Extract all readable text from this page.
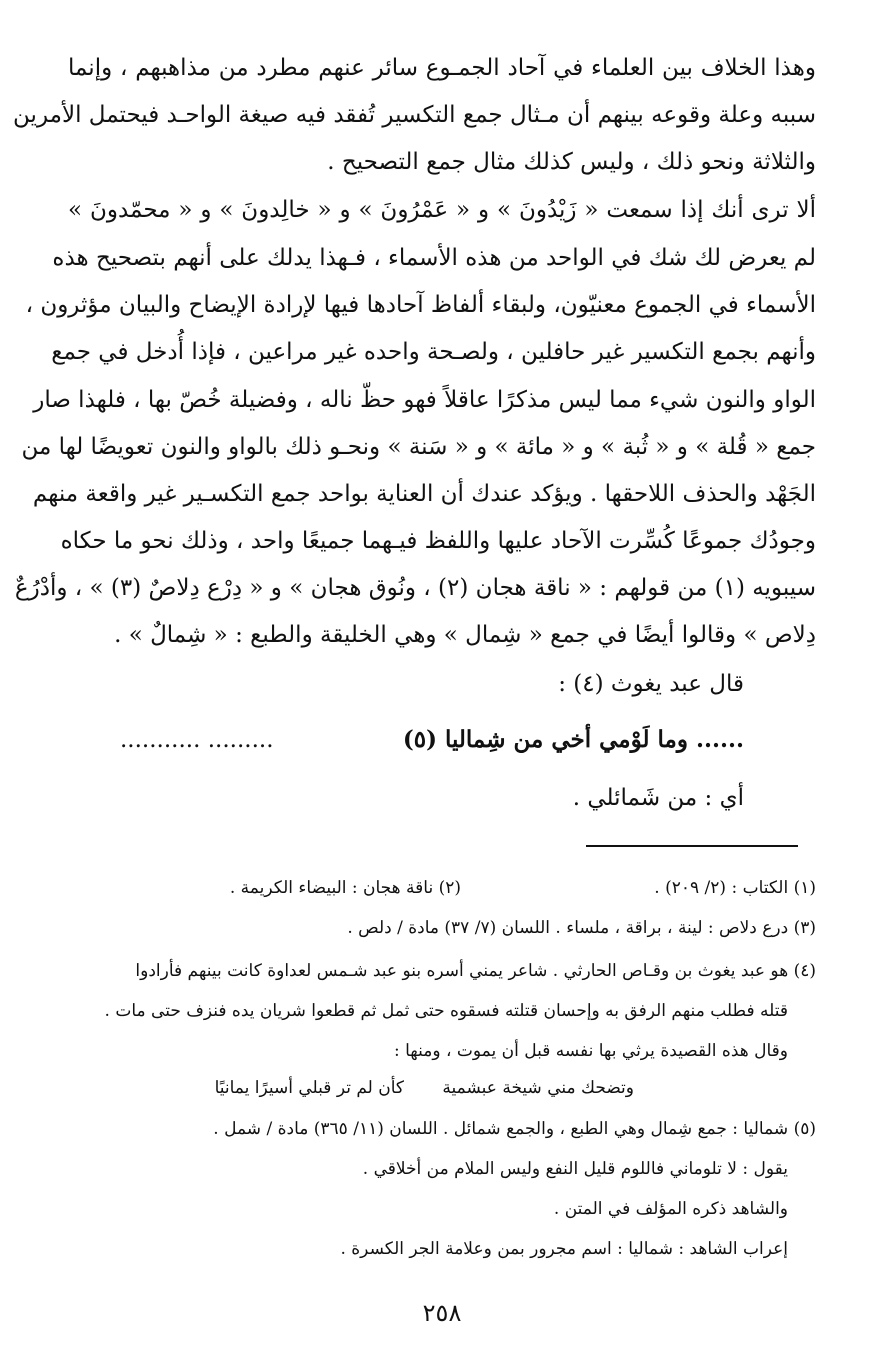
وهذا الخلاف بين العلماء في آحاد الجمـوع سائر عنهم مطرد من مذاهبهم ، وإنما
سببه وعلة وقوعه بينهم أن مـثال جمع التكسير تُفقد فيه صيغة الواحـد فيحتمل الأمرين
والثلاثة ونحو ذلك ، وليس كذلك مثال جمع التصحيح .
ألا ترى أنك إذا سمعت « زَيْدُونَ » و « عَمْرُونَ » و « خالِدونَ » و « محمّدونَ »
لم يعرض لك شك في الواحد من هذه الأسماء ، فـهذا يدلك على أنهم بتصحيح هذه
الأسماء في الجموع معنيّون، ولبقاء ألفاظ آحادها فيها لإرادة الإيضاح والبيان مؤثرون ،
وأنهم بجمع التكسير غير حافلين ، ولصـحة واحده غير مراعين ، فإذا أُدخل في جمع
الواو والنون شيء مما ليس مذكرًا عاقلاً فهو حظّ ناله ، وفضيلة خُصّ بها ، فلهذا صار
جمع « قُلة » و « ثُبة » و « مائة » و « سَنة » ونحـو ذلك بالواو والنون تعويضًا لها من
الجَهْد والحذف اللاحقها . ويؤكد عندك أن العناية بواحد جمع التكسـير غير واقعة منهم
وجودُك جموعًا كُسِّرت الآحاد عليها واللفظ فيـهما جميعًا واحد ، وذلك نحو ما حكاه
سيبويه (١) من قولهم : « ناقة هجان (٢) ، ونُوق هجان » و « دِرْع دِلاصٌ (٣) » ، وأدْرُعٌ
دِلاص » وقالوا أيضًا في جمع « شِمال » وهي الخليقة والطبع : « شِمالٌ » .
قال عبد يغوث (٤) :
...... وما لَوْمي أخي من شِماليا (٥)
......... ...........
أي : من شَمائلي .
(١) الكتاب : (٢/ ٢٠٩) .
(٢) ناقة هجان : البيضاء الكريمة .
(٣) درع دلاص : لينة ، براقة ، ملساء . اللسان (٧/ ٣٧) مادة / دلص .
(٤) هو عبد يغوث بن وقـاص الحارثي . شاعر يمني أسره بنو عبد شـمس لعداوة كانت بينهم فأرادوا
قتله فطلب منهم الرفق به وإحسان قتلته فسقوه حتى ثمل ثم قطعوا شريان يده فنزف حتى مات .
وقال هذه القصيدة يرثي بها نفسه قبل أن يموت ، ومنها :
وتضحك مني شيخة عبشمية
كأن لم تر قبلي أسيرًا يمانيًا
(٥) شماليا : جمع شِمال وهي الطبع ، والجمع شمائل . اللسان (١١/ ٣٦٥) مادة / شمل .
يقول : لا تلوماني فاللوم قليل النفع وليس الملام من أخلاقي .
والشاهد ذكره المؤلف في المتن .
إعراب الشاهد : شماليا : اسم مجرور بمن وعلامة الجر الكسرة .
٢٥٨
